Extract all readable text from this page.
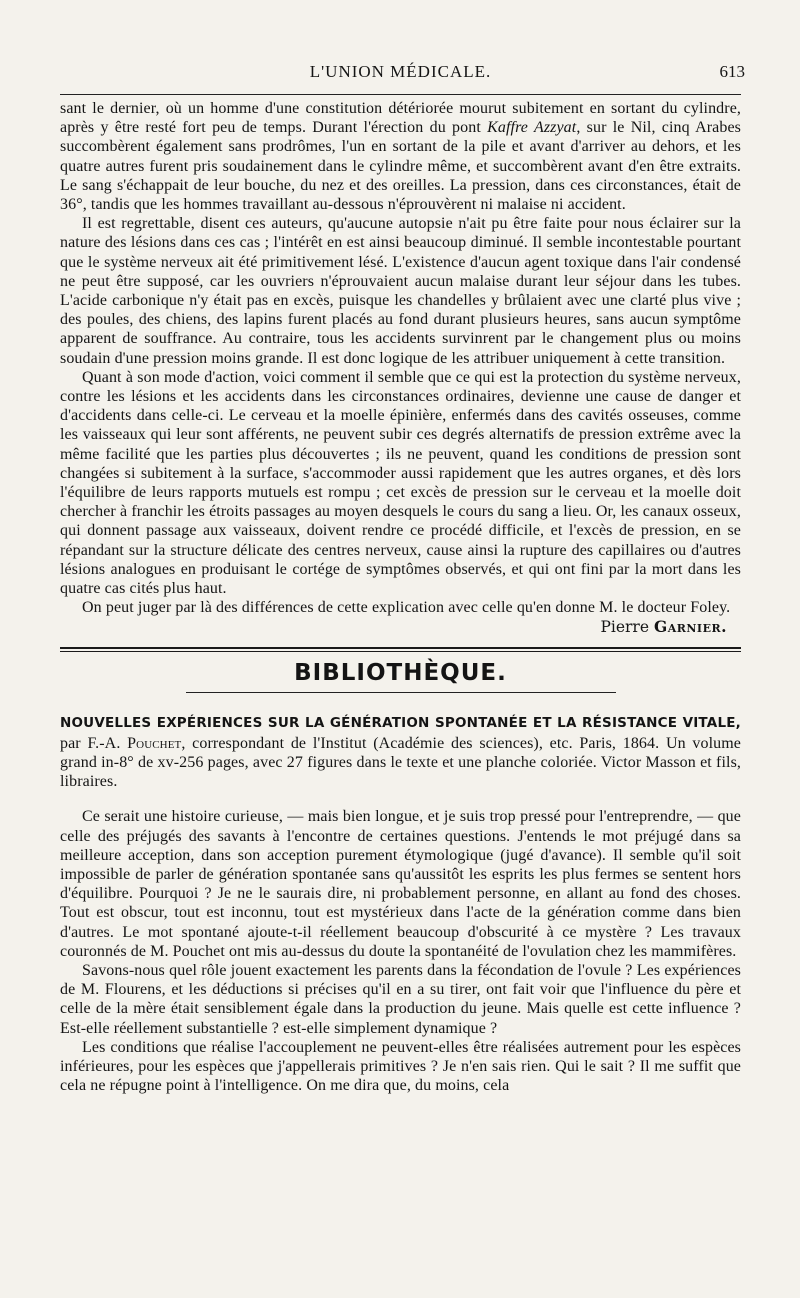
L'UNION MÉDICALE.	613

sant le dernier, où un homme d'une constitution détériorée mourut subitement en sortant du cylindre, après y être resté fort peu de temps. Durant l'érection du pont Kaffre Azzyat, sur le Nil, cinq Arabes succombèrent également sans prodrômes, l'un en sortant de la pile et avant d'arriver au dehors, et les quatre autres furent pris soudainement dans le cylindre même, et succombèrent avant d'en être extraits. Le sang s'échappait de leur bouche, du nez et des oreilles. La pression, dans ces circonstances, était de 36°, tandis que les hommes travaillant au-dessous n'éprouvèrent ni malaise ni accident.

Il est regrettable, disent ces auteurs, qu'aucune autopsie n'ait pu être faite pour nous éclairer sur la nature des lésions dans ces cas ; l'intérêt en est ainsi beaucoup diminué. Il semble incontestable pourtant que le système nerveux ait été primitivement lésé. L'existence d'aucun agent toxique dans l'air condensé ne peut être supposé, car les ouvriers n'éprouvaient aucun malaise durant leur séjour dans les tubes. L'acide carbonique n'y était pas en excès, puisque les chandelles y brûlaient avec une clarté plus vive ; des poules, des chiens, des lapins furent placés au fond durant plusieurs heures, sans aucun symptôme apparent de souffrance. Au contraire, tous les accidents survinrent par le changement plus ou moins soudain d'une pression moins grande. Il est donc logique de les attribuer uniquement à cette transition.

Quant à son mode d'action, voici comment il semble que ce qui est la protection du système nerveux, contre les lésions et les accidents dans les circonstances ordinaires, devienne une cause de danger et d'accidents dans celle-ci. Le cerveau et la moelle épinière, enfermés dans des cavités osseuses, comme les vaisseaux qui leur sont afférents, ne peuvent subir ces degrés alternatifs de pression extrême avec la même facilité que les parties plus découvertes ; ils ne peuvent, quand les conditions de pression sont changées si subitement à la surface, s'accommoder aussi rapidement que les autres organes, et dès lors l'équilibre de leurs rapports mutuels est rompu ; cet excès de pression sur le cerveau et la moelle doit chercher à franchir les étroits passages au moyen desquels le cours du sang a lieu. Or, les canaux osseux, qui donnent passage aux vaisseaux, doivent rendre ce procédé difficile, et l'excès de pression, en se répandant sur la structure délicate des centres nerveux, cause ainsi la rupture des capillaires ou d'autres lésions analogues en produisant le cortége de symptômes observés, et qui ont fini par la mort dans les quatre cas cités plus haut.

On peut juger par là des différences de cette explication avec celle qu'en donne M. le docteur Foley.

Pierre Garnier.
BIBLIOTHÈQUE.

NOUVELLES EXPÉRIENCES SUR LA GÉNÉRATION SPONTANÉE ET LA RÉSISTANCE VITALE, par F.-A. Pouchet, correspondant de l'Institut (Académie des sciences), etc. Paris, 1864. Un volume grand in-8° de xv-256 pages, avec 27 figures dans le texte et une planche coloriée. Victor Masson et fils, libraires.

Ce serait une histoire curieuse, — mais bien longue, et je suis trop pressé pour l'entreprendre, — que celle des préjugés des savants à l'encontre de certaines questions. J'entends le mot préjugé dans sa meilleure acception, dans son acception purement étymologique (jugé d'avance). Il semble qu'il soit impossible de parler de génération spontanée sans qu'aussitôt les esprits les plus fermes se sentent hors d'équilibre. Pourquoi ? Je ne le saurais dire, ni probablement personne, en allant au fond des choses. Tout est obscur, tout est inconnu, tout est mystérieux dans l'acte de la génération comme dans bien d'autres. Le mot spontané ajoute-t-il réellement beaucoup d'obscurité à ce mystère ? Les travaux couronnés de M. Pouchet ont mis au-dessus du doute la spontanéité de l'ovulation chez les mammifères.

Savons-nous quel rôle jouent exactement les parents dans la fécondation de l'ovule ? Les expériences de M. Flourens, et les déductions si précises qu'il en a su tirer, ont fait voir que l'influence du père et celle de la mère était sensiblement égale dans la production du jeune. Mais quelle est cette influence ? Est-elle réellement substantielle ? est-elle simplement dynamique ?

Les conditions que réalise l'accouplement ne peuvent-elles être réalisées autrement pour les espèces inférieures, pour les espèces que j'appellerais primitives ? Je n'en sais rien. Qui le sait ? Il me suffit que cela ne répugne point à l'intelligence. On me dira que, du moins, cela
